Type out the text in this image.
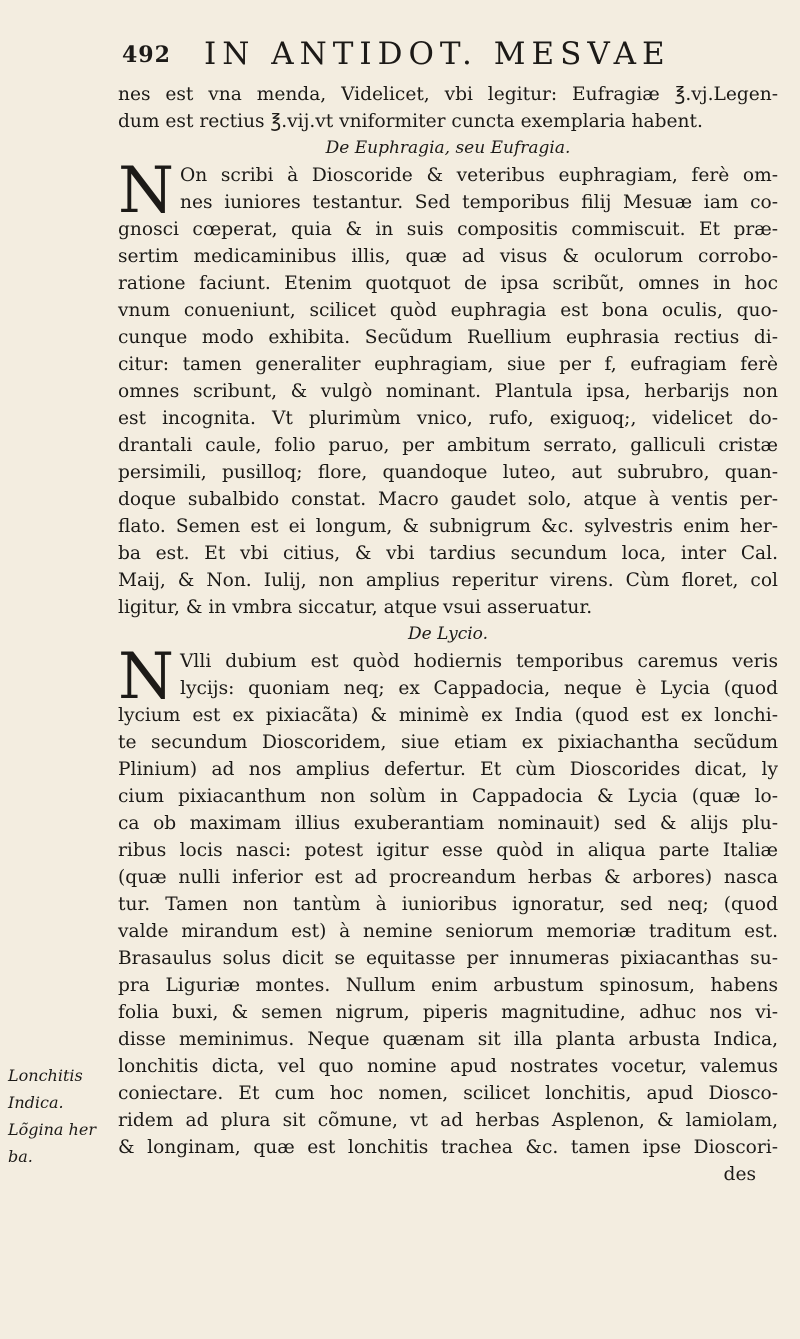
492 IN ANTIDOT. MESVAE
nes est vna menda, Videlicet, vbi legitur: Eufragiæ ℥.vj.Legen-
dum est rectius ℥.vij.vt vniformiter cuncta exemplaria habent.
De Euphragia, seu Eufragia.
N On scribi à Dioscoride & veteribus euphragiam, ferè om-
nes iuniores testantur. Sed temporibus filij Mesuæ iam co-
gnosci cœperat, quia & in suis compositis commiscuit. Et præ-
sertim medicaminibus illis, quæ ad visus & oculorum corrobo-
ratione faciunt. Etenim quotquot de ipsa scribũt, omnes in hoc
vnum conueniunt, scilicet quòd euphragia est bona oculis, quo-
cunque modo exhibita. Secũdum Ruellium euphrasia rectius di-
citur: tamen generaliter euphragiam, siue per f, eufragiam ferè
omnes scribunt, & vulgò nominant. Plantula ipsa, herbarijs non
est incognita. Vt plurimùm vnico, rufo, exiguoq;, videlicet do-
drantali caule, folio paruo, per ambitum serrato, galliculi cristæ
persimili, pusilloq; flore, quandoque luteo, aut subrubro, quan-
doque subalbido constat. Macro gaudet solo, atque à ventis per-
flato. Semen est ei longum, & subnigrum &c. sylvestris enim her-
ba est. Et vbi citius, & vbi tardius secundum loca, inter Cal.
Maij, & Non. Iulij, non amplius reperitur virens. Cùm floret, col
ligitur, & in vmbra siccatur, atque vsui asseruatur.
De Lycio.
N Vlli dubium est quòd hodiernis temporibus caremus veris
lycijs: quoniam neq; ex Cappadocia, neque è Lycia (quod
lycium est ex pixiacãta) & minimè ex India (quod est ex lonchi-
te secundum Dioscoridem, siue etiam ex pixiachantha secũdum
Plinium) ad nos amplius defertur. Et cùm Dioscorides dicat, ly
cium pixiacanthum non solùm in Cappadocia & Lycia (quæ lo-
ca ob maximam illius exuberantiam nominauit) sed & alijs plu-
ribus locis nasci: potest igitur esse quòd in aliqua parte Italiæ
(quæ nulli inferior est ad procreandum herbas & arbores) nasca
tur. Tamen non tantùm à iunioribus ignoratur, sed neq; (quod
valde mirandum est) à nemine seniorum memoriæ traditum est.
Brasaulus solus dicit se equitasse per innumeras pixiacanthas su-
pra Liguriæ montes. Nullum enim arbustum spinosum, habens
folia buxi, & semen nigrum, piperis magnitudine, adhuc nos vi-
disse meminimus. Neque quænam sit illa planta arbusta Indica,
lonchitis dicta, vel quo nomine apud nostrates vocetur, valemus
coniectare. Et cum hoc nomen, scilicet lonchitis, apud Diosco-
ridem ad plura sit cõmune, vt ad herbas Asplenon, & lamiolam,
& longinam, quæ est lonchitis trachea &c. tamen ipse Dioscori-
des
Lonchitis
Indica.
Lõgina her
ba.
